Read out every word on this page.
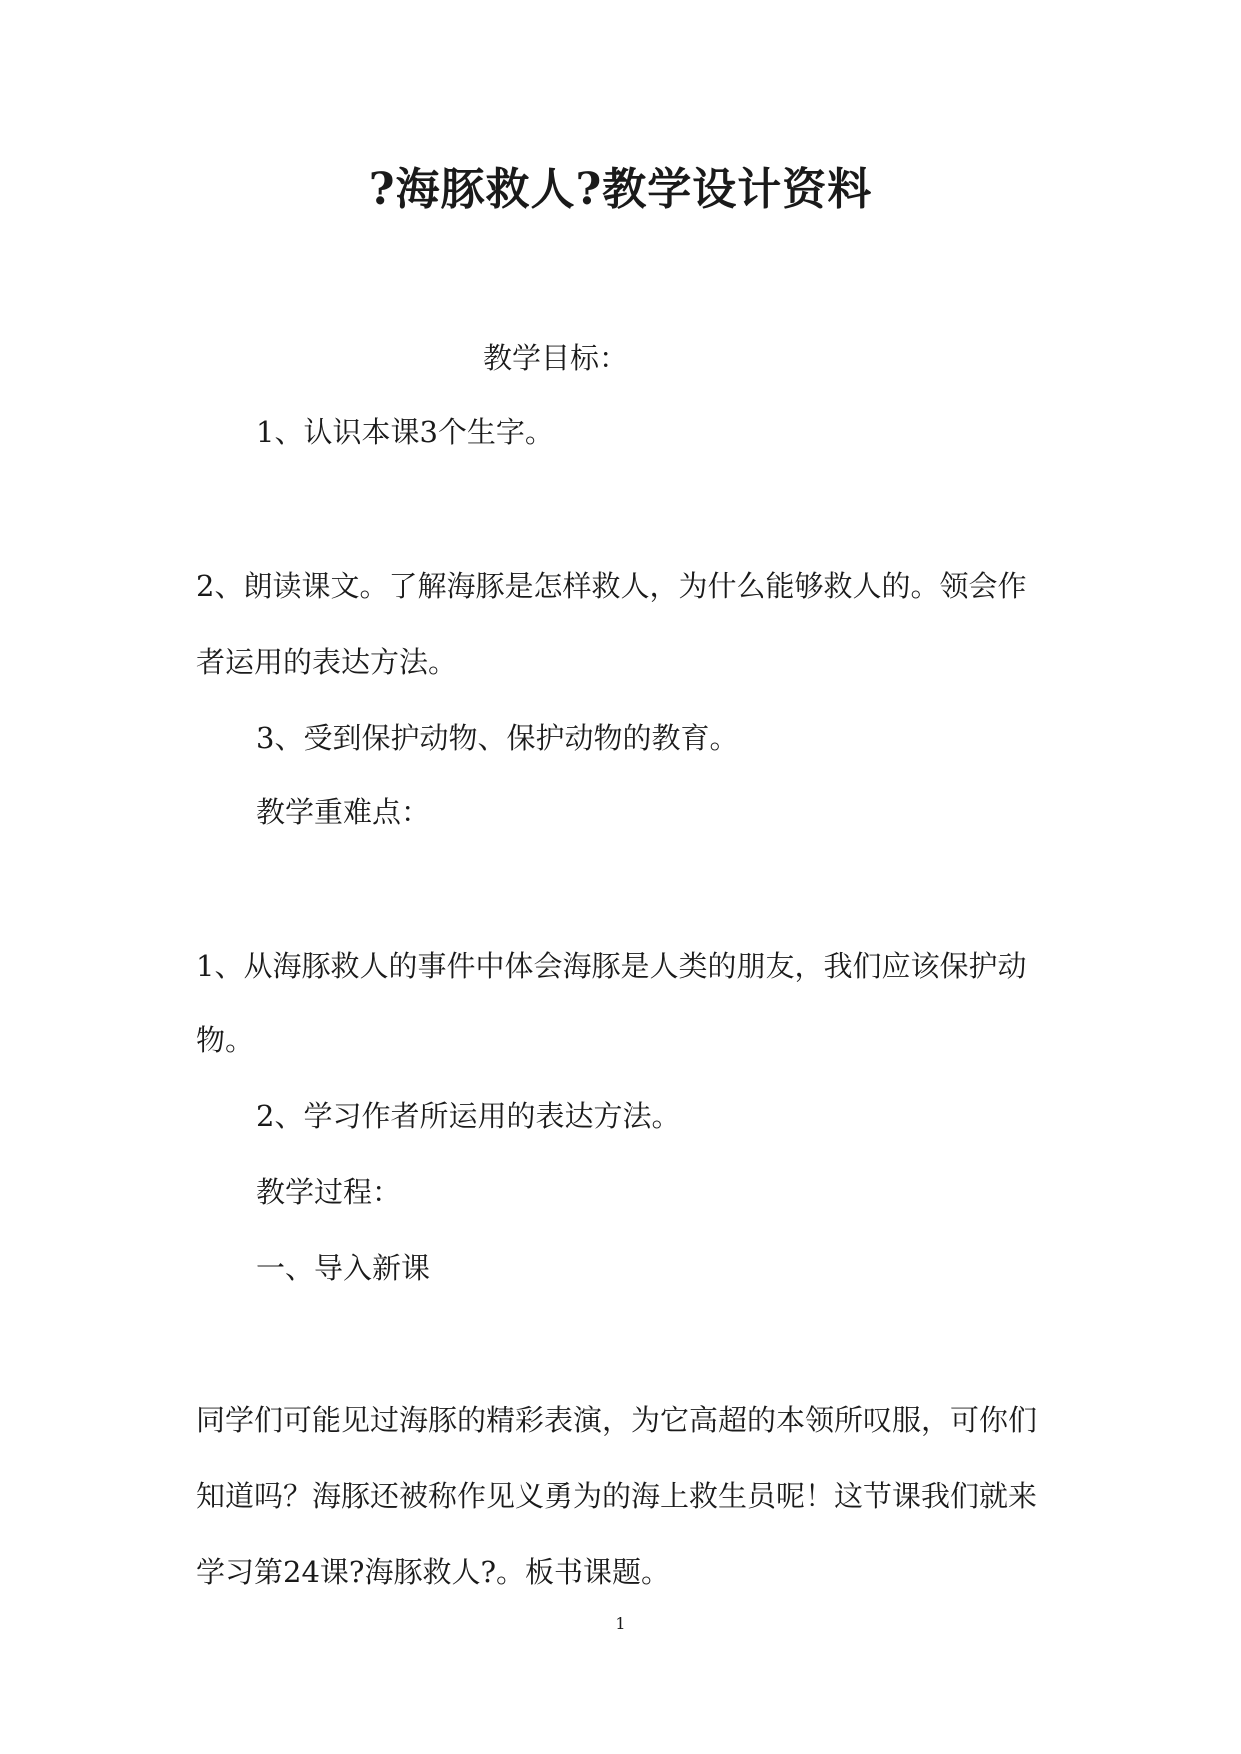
?海豚救人?教学设计资料
教学目标：
1、认识本课3个生字。
2、朗读课文。了解海豚是怎样救人，为什么能够救人的。领会作
者运用的表达方法。
3、受到保护动物、保护动物的教育。
教学重难点：
1、从海豚救人的事件中体会海豚是人类的朋友，我们应该保护动
物。
2、学习作者所运用的表达方法。
教学过程：
一、导入新课
同学们可能见过海豚的精彩表演，为它高超的本领所叹服，可你们
知道吗？海豚还被称作见义勇为的海上救生员呢！这节课我们就来
学习第24课?海豚救人?。板书课题。
1
